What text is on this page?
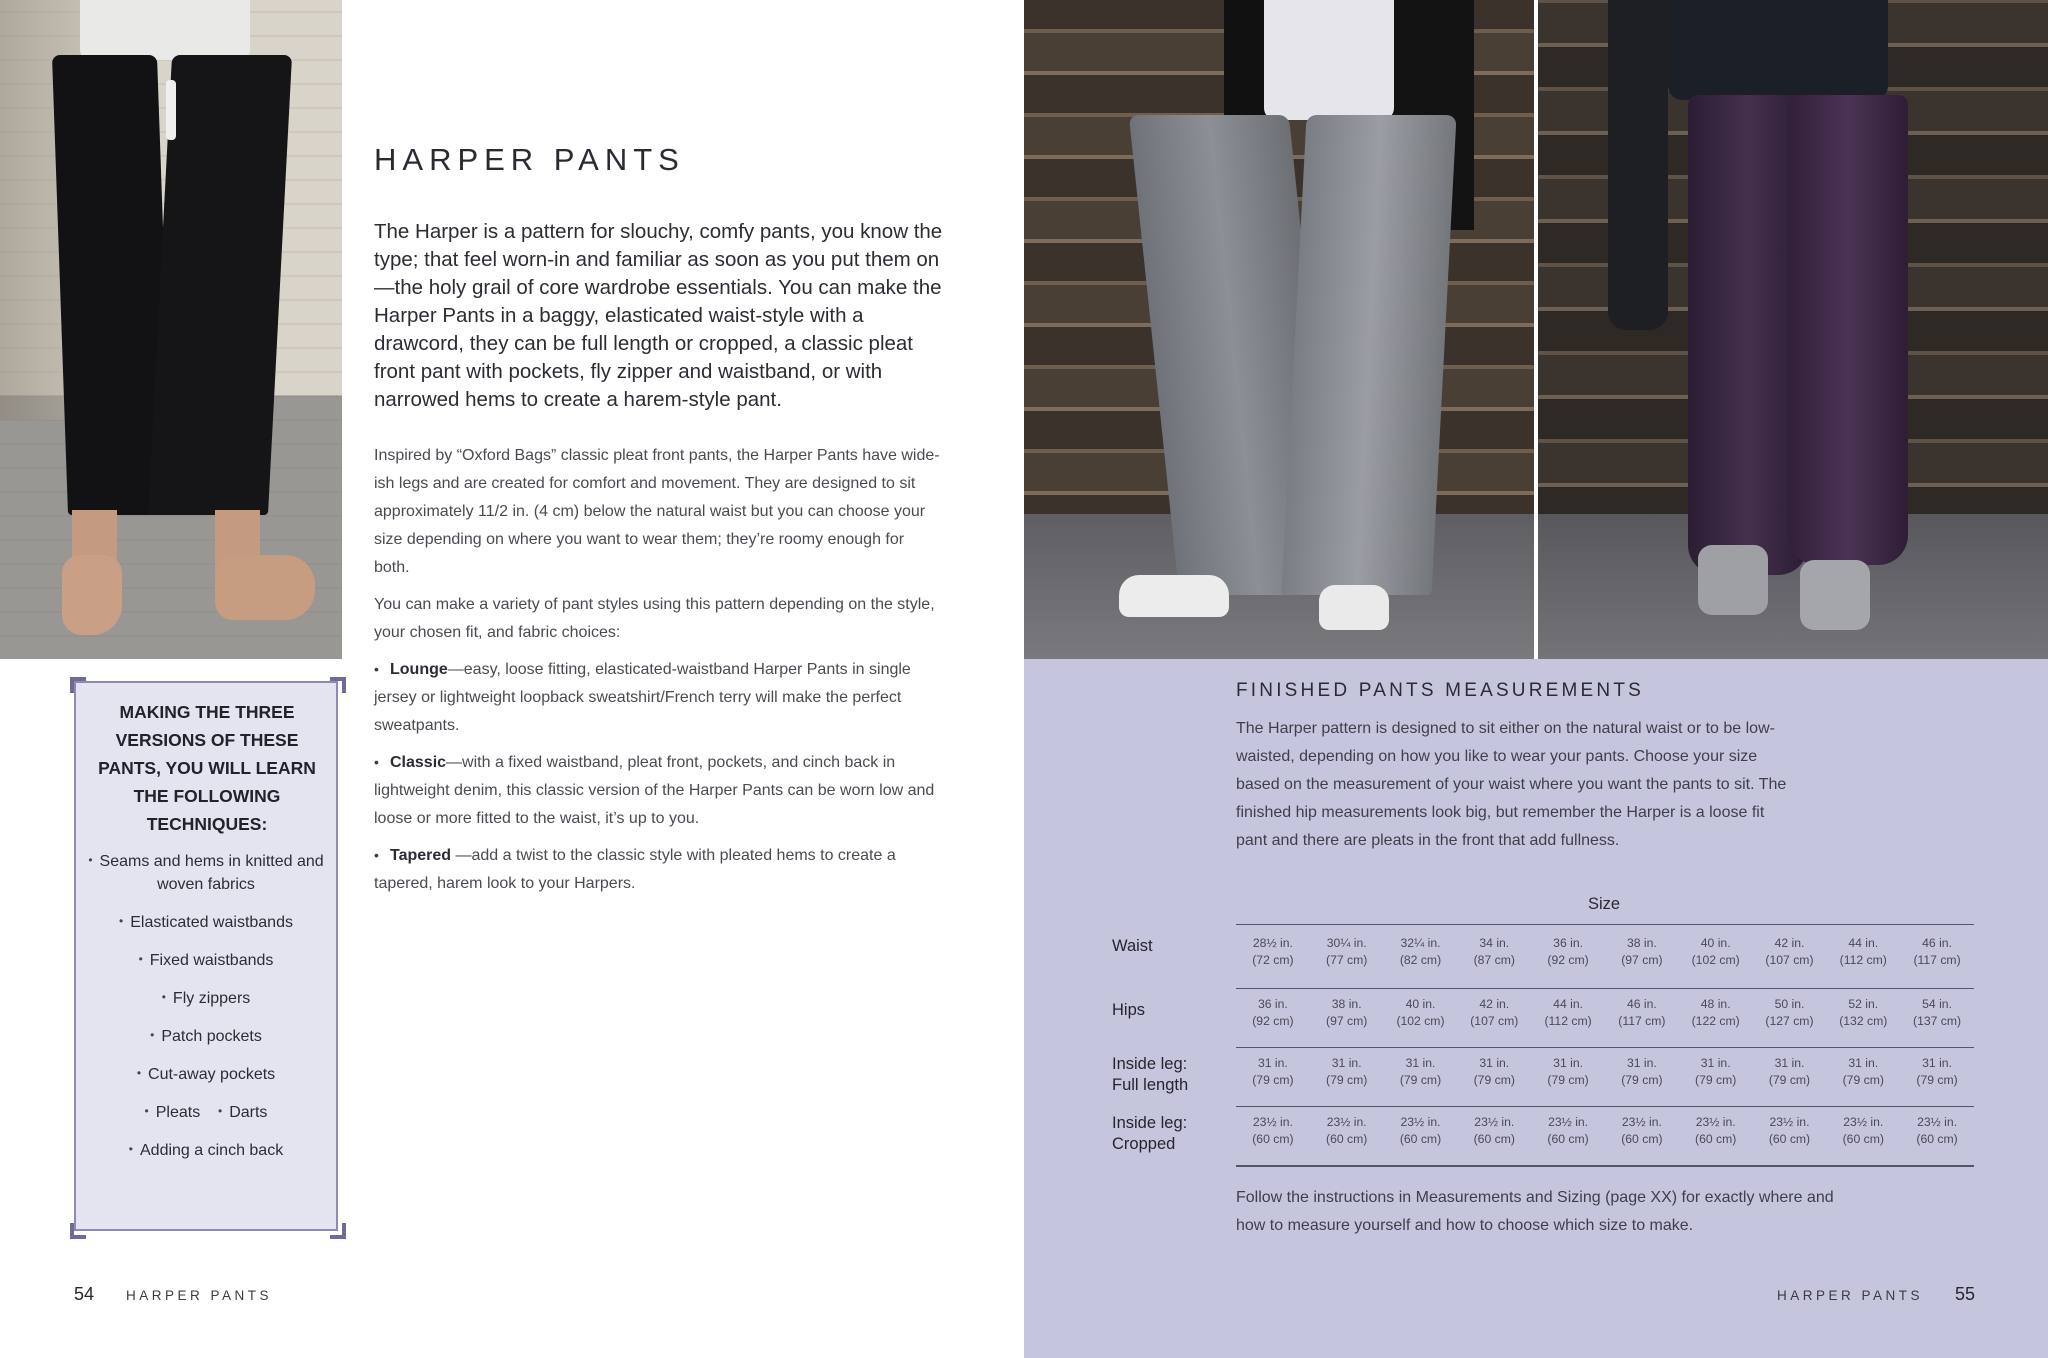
HARPER PANTS
The Harper is a pattern for slouchy, comfy pants, you know the type; that feel worn-in and familiar as soon as you put them on—the holy grail of core wardrobe essentials. You can make the Harper Pants in a baggy, elasticated waist-style with a drawcord, they can be full length or cropped, a classic pleat front pant with pockets, fly zipper and waistband, or with narrowed hems to create a harem-style pant.
Inspired by “Oxford Bags” classic pleat front pants, the Harper Pants have wide-ish legs and are created for comfort and movement. They are designed to sit approximately 11/2 in. (4 cm) below the natural waist but you can choose your size depending on where you want to wear them; they’re roomy enough for both.
You can make a variety of pant styles using this pattern depending on the style, your chosen fit, and fabric choices:
• Lounge—easy, loose fitting, elasticated-waistband Harper Pants in single jersey or lightweight loopback sweatshirt/French terry will make the perfect sweatpants.
• Classic—with a fixed waistband, pleat front, pockets, and cinch back in lightweight denim, this classic version of the Harper Pants can be worn low and loose or more fitted to the waist, it’s up to you.
• Tapered —add a twist to the classic style with pleated hems to create a tapered, harem look to your Harpers.
MAKING THE THREE VERSIONS OF THESE PANTS, YOU WILL LEARN THE FOLLOWING TECHNIQUES:
• Seams and hems in knitted and woven fabrics
• Elasticated waistbands
• Fixed waistbands
• Fly zippers
• Patch pockets
• Cut-away pockets
• Pleats • Darts
• Adding a cinch back
54 HARPER PANTS
FINISHED PANTS MEASUREMENTS
The Harper pattern is designed to sit either on the natural waist or to be low-waisted, depending on how you like to wear your pants. Choose your size based on the measurement of your waist where you want the pants to sit. The finished hip measurements look big, but remember the Harper is a loose fit pant and there are pleats in the front that add fullness.
Size
Waist
Hips
Inside leg:
Full length
Inside leg:
Cropped
28½ in.
(72 cm)
30¼ in.
(77 cm)
32¼ in.
(82 cm)
34 in.
(87 cm)
36 in.
(92 cm)
38 in.
(97 cm)
40 in.
(102 cm)
42 in.
(107 cm)
44 in.
(112 cm)
46 in.
(117 cm)
36 in.
(92 cm)
38 in.
(97 cm)
40 in.
(102 cm)
42 in.
(107 cm)
44 in.
(112 cm)
46 in.
(117 cm)
48 in.
(122 cm)
50 in.
(127 cm)
52 in.
(132 cm)
54 in.
(137 cm)
31 in.
(79 cm)
31 in.
(79 cm)
31 in.
(79 cm)
31 in.
(79 cm)
31 in.
(79 cm)
31 in.
(79 cm)
31 in.
(79 cm)
31 in.
(79 cm)
31 in.
(79 cm)
31 in.
(79 cm)
23½ in.
(60 cm)
23½ in.
(60 cm)
23½ in.
(60 cm)
23½ in.
(60 cm)
23½ in.
(60 cm)
23½ in.
(60 cm)
23½ in.
(60 cm)
23½ in.
(60 cm)
23½ in.
(60 cm)
23½ in.
(60 cm)
Follow the instructions in Measurements and Sizing (page XX) for exactly where and how to measure yourself and how to choose which size to make.
HARPER PANTS 55
